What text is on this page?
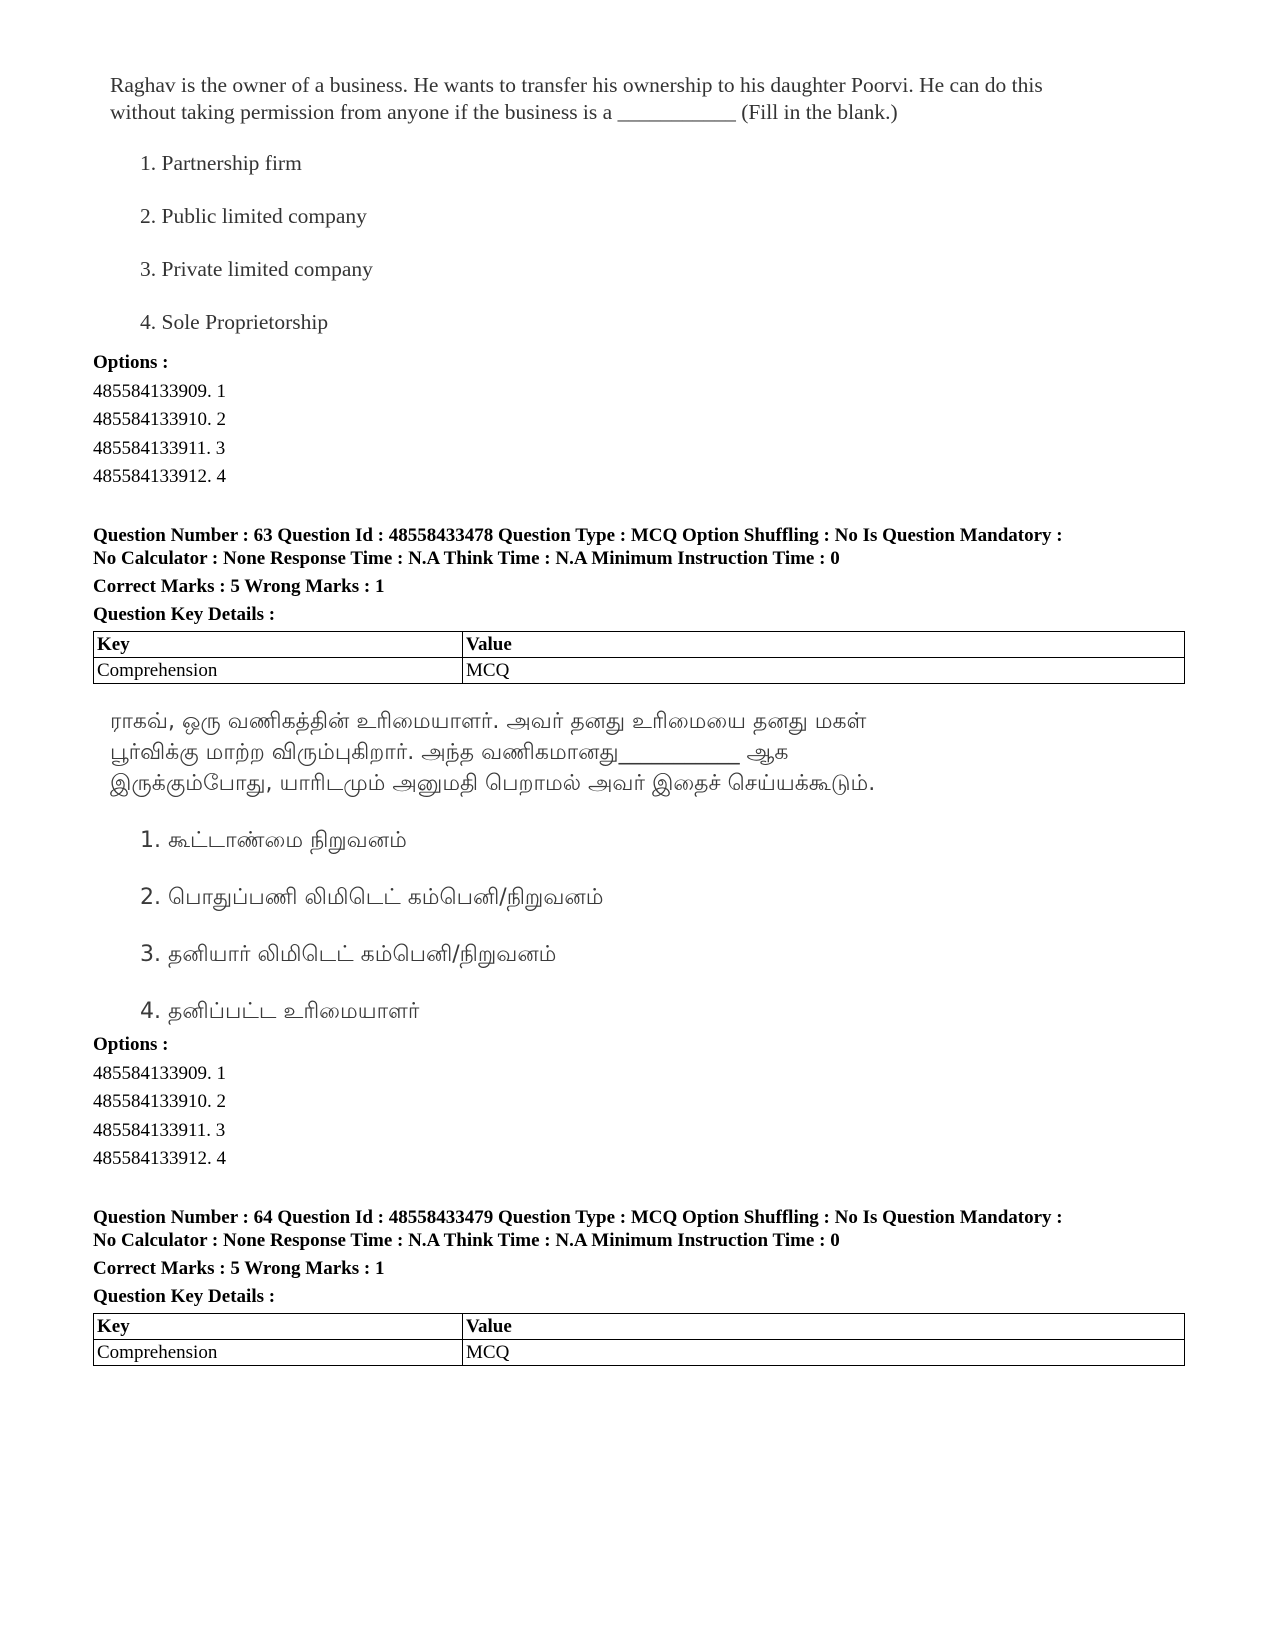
Raghav is the owner of a business. He wants to transfer his ownership to his daughter Poorvi. He can do this
without taking permission from anyone if the business is a ___________ (Fill in the blank.)
1. Partnership firm
2. Public limited company
3. Private limited company
4. Sole Proprietorship
Options :
485584133909. 1
485584133910. 2
485584133911. 3
485584133912. 4
Question Number : 63 Question Id : 48558433478 Question Type : MCQ Option Shuffling : No Is Question Mandatory :
No Calculator : None Response Time : N.A Think Time : N.A Minimum Instruction Time : 0
Correct Marks : 5 Wrong Marks : 1
Question Key Details :
Key	Value
Comprehension	MCQ
ராகவ், ஒரு வணிகத்தின் உரிமையாளர். அவர் தனது உரிமையை தனது மகள்
பூர்விக்கு மாற்ற விரும்புகிறார். அந்த வணிகமானது___________ ஆக
இருக்கும்போது, யாரிடமும் அனுமதி பெறாமல் அவர் இதைச் செய்யக்கூடும்.
1. கூட்டாண்மை நிறுவனம்
2. பொதுப்பணி லிமிடெட் கம்பெனி/நிறுவனம்
3. தனியார் லிமிடெட் கம்பெனி/நிறுவனம்
4. தனிப்பட்ட உரிமையாளர்
Options :
485584133909. 1
485584133910. 2
485584133911. 3
485584133912. 4
Question Number : 64 Question Id : 48558433479 Question Type : MCQ Option Shuffling : No Is Question Mandatory :
No Calculator : None Response Time : N.A Think Time : N.A Minimum Instruction Time : 0
Correct Marks : 5 Wrong Marks : 1
Question Key Details :
Key	Value
Comprehension	MCQ
